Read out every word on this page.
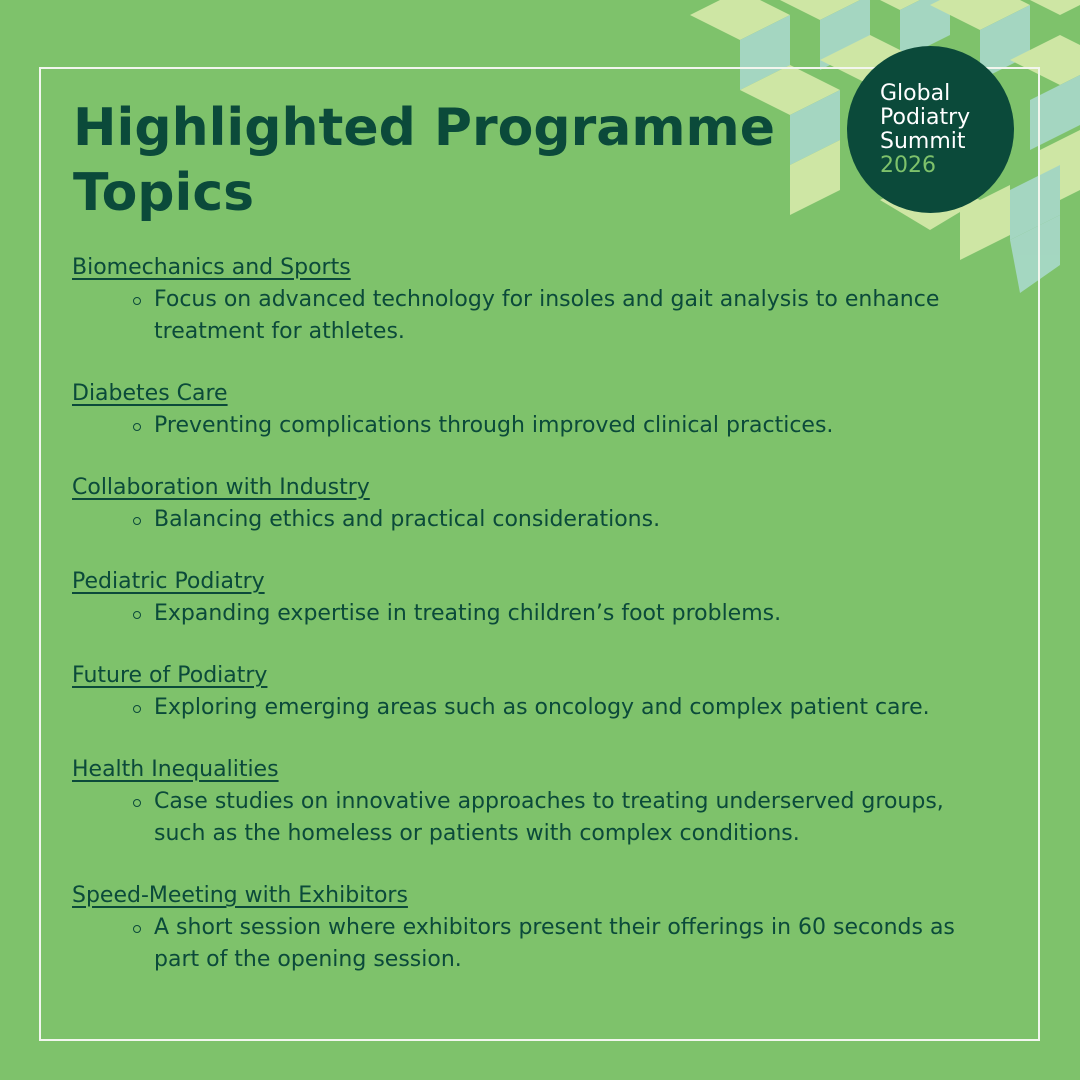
Global
Podiatry
Summit
2026
Highlighted Programme Topics
Biomechanics and Sports

Focus on advanced technology for insoles and gait analysis to enhance treatment for athletes.

Diabetes Care

Preventing complications through improved clinical practices.

Collaboration with Industry

Balancing ethics and practical considerations.

Pediatric Podiatry

Expanding expertise in treating children’s foot problems.

Future of Podiatry

Exploring emerging areas such as oncology and complex patient care.

Health Inequalities

Case studies on innovative approaches to treating underserved groups, such as the homeless or patients with complex conditions.

Speed-Meeting with Exhibitors

A short session where exhibitors present their offerings in 60 seconds as part of the opening session.
